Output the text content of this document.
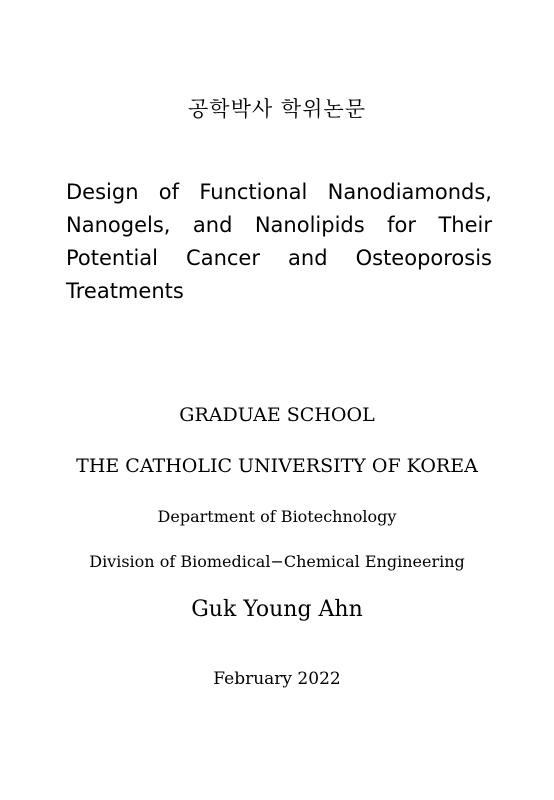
공학박사 학위논문
Design of Functional Nanodiamonds,
Nanogels, and Nanolipids for Their
Potential Cancer and Osteoporosis
Treatments
GRADUAE SCHOOL
THE CATHOLIC UNIVERSITY OF KOREA
Department of Biotechnology
Division of Biomedical−Chemical Engineering
Guk Young Ahn
February 2022
